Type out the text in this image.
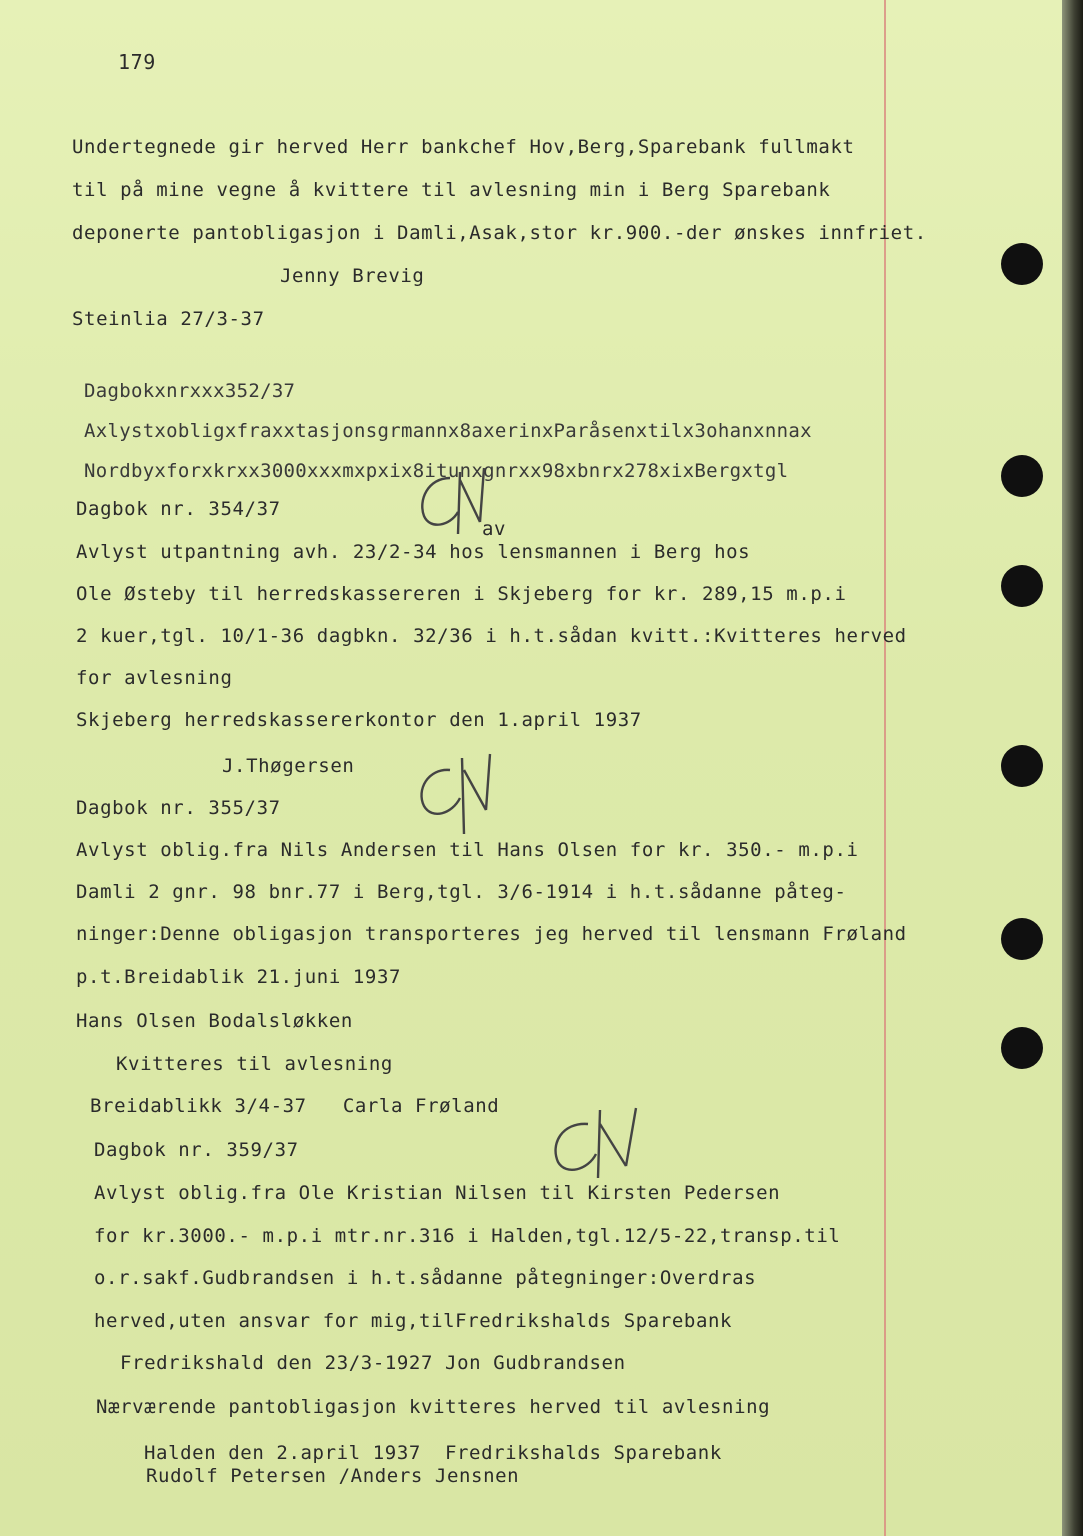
179
Undertegnede gir herved Herr bankchef Hov,Berg,Sparebank fullmakt
til på mine vegne å kvittere til avlesning min i Berg Sparebank
deponerte pantobligasjon i Damli,Asak,stor kr.900.-der ønskes innfriet.
Jenny Brevig
Steinlia 27/3-37
Dagbokxnrxxx352/37
Axlystxobligxfraxxtasjonsgrmannx8axerinxParåsenxtilx3ohanxnnax
Nordbyxforxkrxx3000xxxmxpxix8itunxgnrxx98xbnrx278xixBergxtgl
Dagbok nr. 354/37
av
Avlyst utpantning avh. 23/2-34 hos lensmannen i Berg hos
Ole Østeby til herredskassereren i Skjeberg for kr. 289,15 m.p.i
2 kuer,tgl. 10/1-36 dagbkn. 32/36 i h.t.sådan kvitt.:Kvitteres herved
for avlesning
Skjeberg herredskassererkontor den 1.april 1937
J.Thøgersen
Dagbok nr. 355/37
Avlyst oblig.fra Nils Andersen til Hans Olsen for kr. 350.- m.p.i
Damli 2 gnr. 98 bnr.77 i Berg,tgl. 3/6-1914 i h.t.sådanne påteg-
ninger:Denne obligasjon transporteres jeg herved til lensmann Frøland
p.t.Breidablik 21.juni 1937
Hans Olsen Bodalsløkken
Kvitteres til avlesning
Breidablikk 3/4-37   Carla Frøland
Dagbok nr. 359/37
Avlyst oblig.fra Ole Kristian Nilsen til Kirsten Pedersen
for kr.3000.- m.p.i mtr.nr.316 i Halden,tgl.12/5-22,transp.til
o.r.sakf.Gudbrandsen i h.t.sådanne påtegninger:Overdras
herved,uten ansvar for mig,tilFredrikshalds Sparebank
Fredrikshald den 23/3-1927 Jon Gudbrandsen
Nærværende pantobligasjon kvitteres herved til avlesning
Halden den 2.april 1937  Fredrikshalds Sparebank
Rudolf Petersen /Anders Jensnen
